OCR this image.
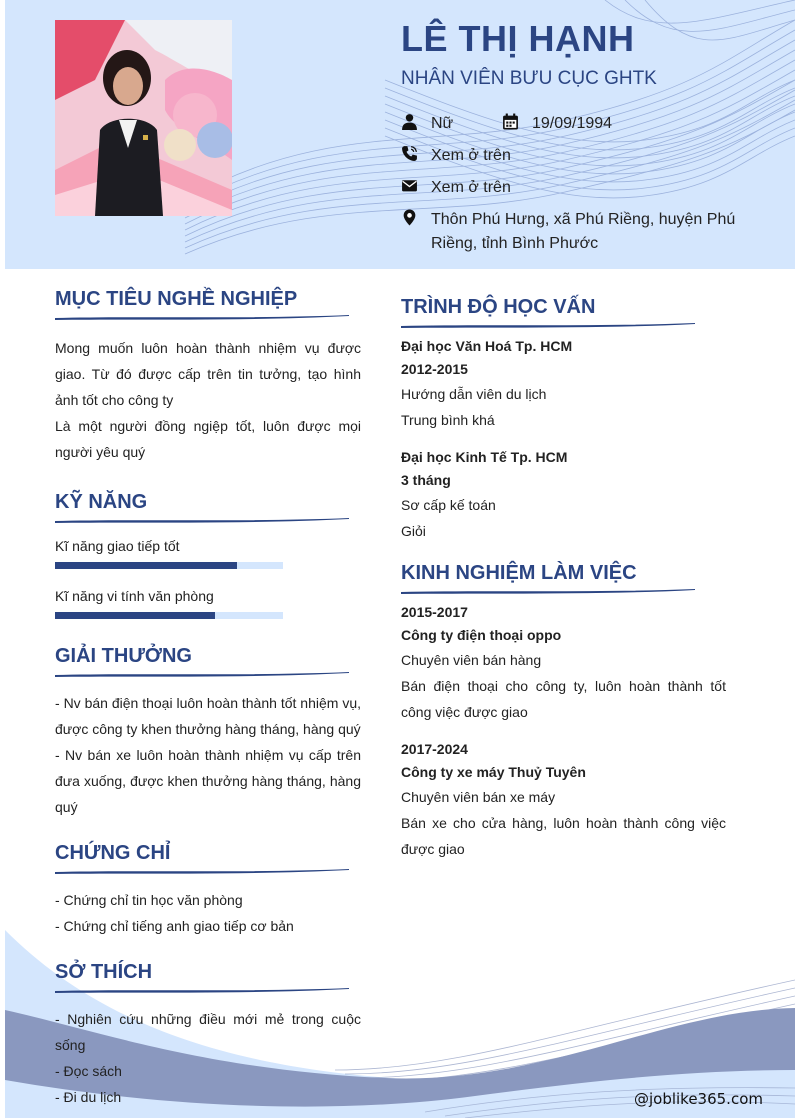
LÊ THỊ HẠNH
NHÂN VIÊN BƯU CỤC GHTK
Nữ	19/09/1994
Xem ở trên
Xem ở trên
Thôn Phú Hưng, xã Phú Riềng, huyện Phú
Riềng, tỉnh Bình Phước
@joblike365.com
MỤC TIÊU NGHỀ NGHIỆP

Mong muốn luôn hoàn thành nhiệm vụ được giao. Từ đó được cấp trên tin tưởng, tạo hình ảnh tốt cho công ty

Là một người đồng ngiệp tốt, luôn được mọi người yêu quý

KỸ NĂNG
Kĩ năng giao tiếp tốt
Kĩ năng vi tính văn phòng
GIẢI THƯỞNG

- Nv bán điện thoại luôn hoàn thành tốt nhiệm vụ, được công ty khen thưởng hàng tháng, hàng quý

- Nv bán xe luôn hoàn thành nhiệm vụ cấp trên đưa xuống, được khen thưởng hàng tháng, hàng quý

CHỨNG CHỈ

- Chứng chỉ tin học văn phòng

- Chứng chỉ tiếng anh giao tiếp cơ bản

SỞ THÍCH

- Nghiên cứu những điều mới mẻ trong cuộc sống

- Đọc sách

- Đi du lịch

TRÌNH ĐỘ HỌC VẤN
Đại học Văn Hoá Tp. HCM
2012-2015
Hướng dẫn viên du lịch
Trung bình khá
Đại học Kinh Tế Tp. HCM
3 tháng
Sơ cấp kế toán
Giỏi
KINH NGHIỆM LÀM VIỆC
2015-2017
Công ty điện thoại oppo
Chuyên viên bán hàng

Bán điện thoại cho công ty, luôn hoàn thành tốt công việc được giao

2017-2024
Công ty xe máy Thuỷ Tuyên
Chuyên viên bán xe máy

Bán xe cho cửa hàng, luôn hoàn thành công việc được giao
